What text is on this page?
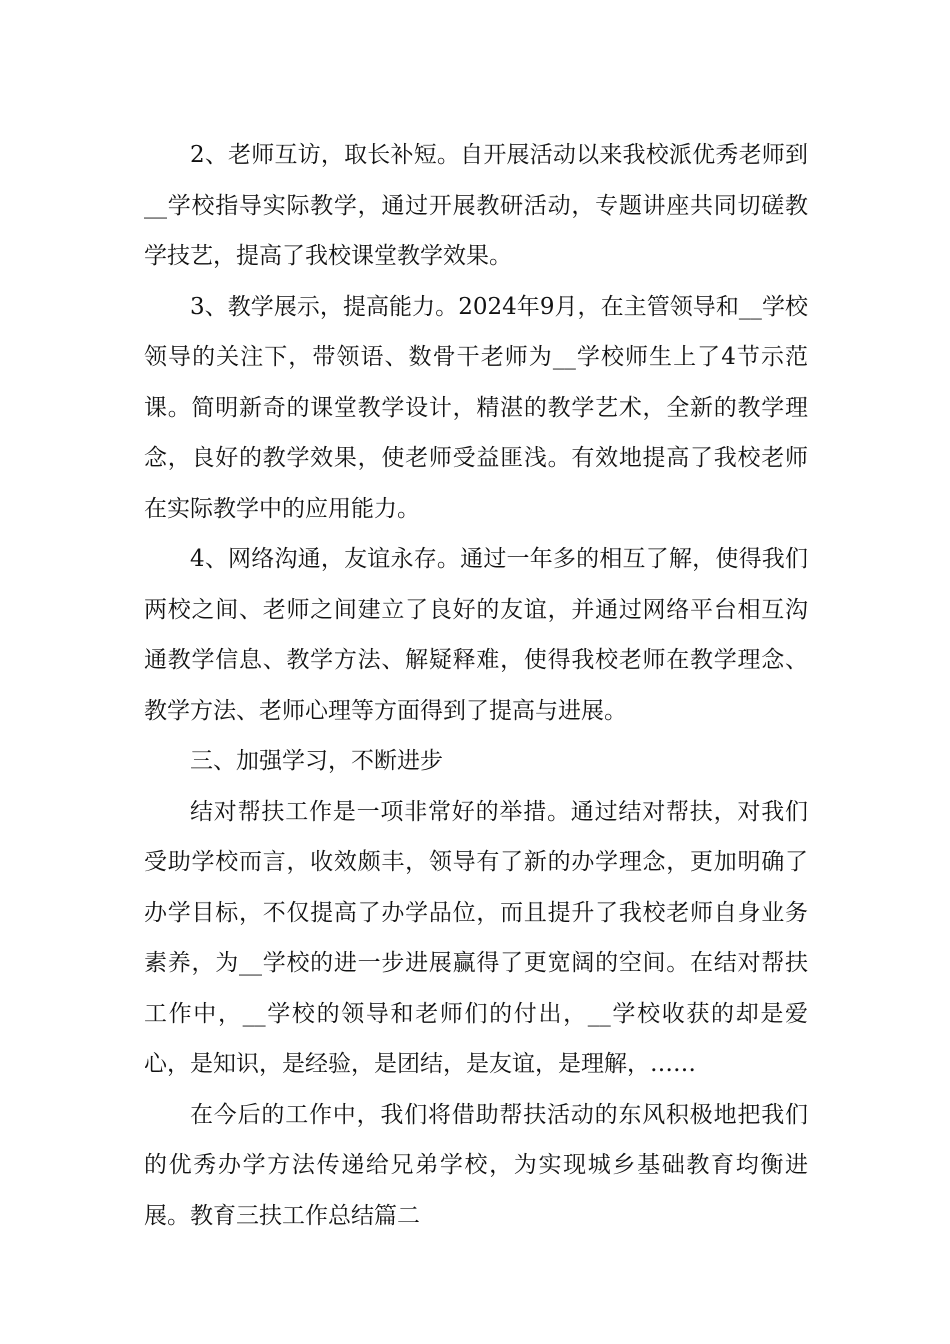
2、老师互访，取长补短。自开展活动以来我校派优秀老师到__学校指导实际教学，通过开展教研活动，专题讲座共同切磋教学技艺，提高了我校课堂教学效果。

3、教学展示，提高能力。2024年9月，在主管领导和__学校领导的关注下，带领语、数骨干老师为__学校师生上了4节示范课。简明新奇的课堂教学设计，精湛的教学艺术，全新的教学理念，良好的教学效果，使老师受益匪浅。有效地提高了我校老师在实际教学中的应用能力。

4、网络沟通，友谊永存。通过一年多的相互了解，使得我们两校之间、老师之间建立了良好的友谊，并通过网络平台相互沟通教学信息、教学方法、解疑释难，使得我校老师在教学理念、教学方法、老师心理等方面得到了提高与进展。

三、加强学习，不断进步

结对帮扶工作是一项非常好的举措。通过结对帮扶，对我们受助学校而言，收效颇丰，领导有了新的办学理念，更加明确了办学目标，不仅提高了办学品位，而且提升了我校老师自身业务素养，为__学校的进一步进展赢得了更宽阔的空间。在结对帮扶工作中，__学校的领导和老师们的付出，__学校收获的却是爱心，是知识，是经验，是团结，是友谊，是理解，……

在今后的工作中，我们将借助帮扶活动的东风积极地把我们的优秀办学方法传递给兄弟学校，为实现城乡基础教育均衡进展。教育三扶工作总结篇二
